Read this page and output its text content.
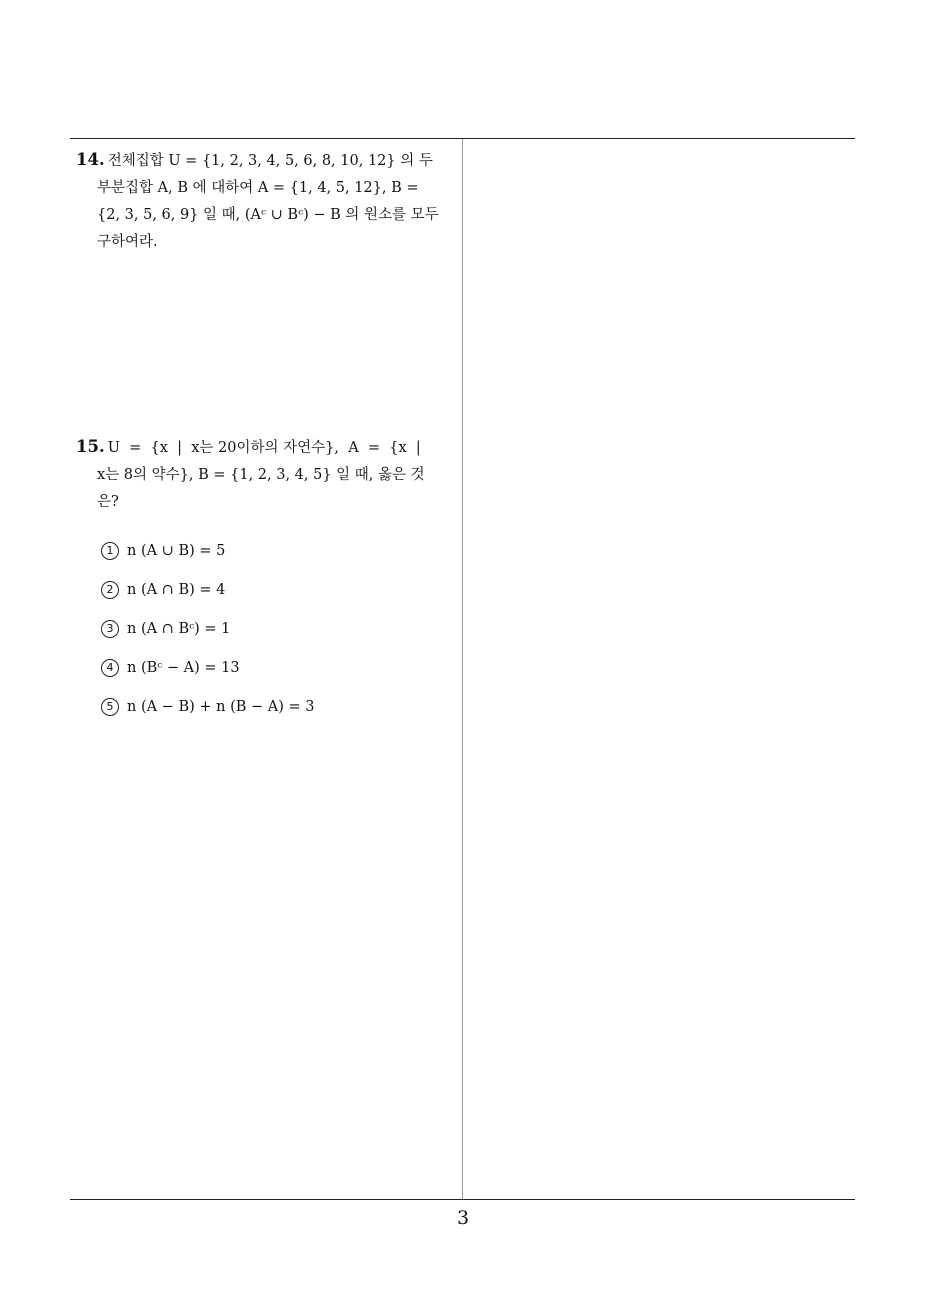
14. 전체집합 U = {1, 2, 3, 4, 5, 6, 8, 10, 12} 의 두
부분집합 A, B 에 대하여 A = {1, 4, 5, 12}, B =
{2, 3, 5, 6, 9} 일 때, (Aᶜ ∪ Bᶜ) − B 의 원소를 모두
구하여라.
15. U  =  {x  |  x는 20이하의 자연수},  A  =  {x  |
x는 8의 약수}, B = {1, 2, 3, 4, 5} 일 때, 옳은 것
은?
1 n (A ∪ B) = 5
2 n (A ∩ B) = 4
3 n (A ∩ Bᶜ) = 1
4 n (Bᶜ − A) = 13
5 n (A − B) + n (B − A) = 3
3
